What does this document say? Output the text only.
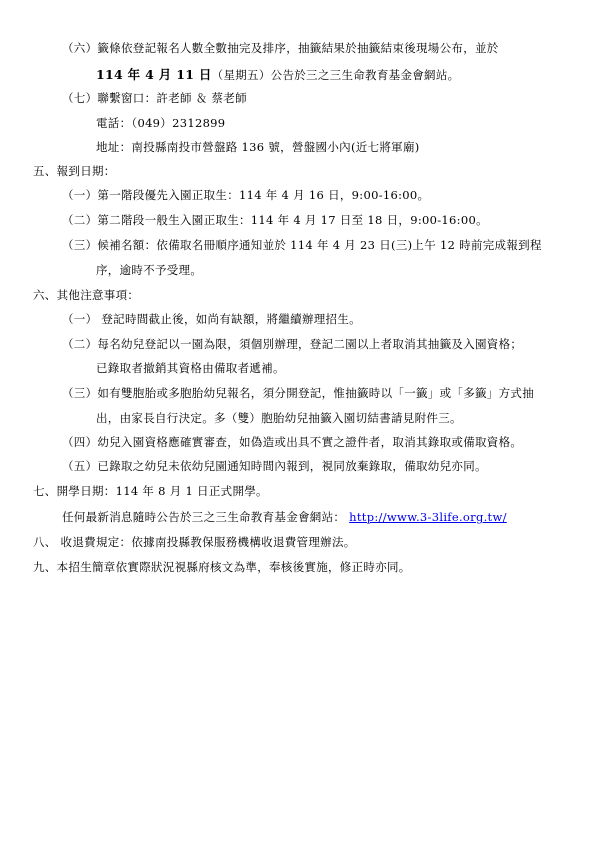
（六）籤條依登記報名人數全數抽完及排序，抽籤結果於抽籤結束後現場公布，並於
114 年 4 月 11 日（星期五）公告於三之三生命教育基金會網站。
（七）聯繫窗口：許老師 ＆ 蔡老師
電話：（049）2312899
地址：南投縣南投市營盤路 136 號，營盤國小內(近七將軍廟)
五、報到日期：
（一）第一階段優先入園正取生：114 年 4 月 16 日，9:00-16:00。
（二）第二階段一般生入園正取生：114 年 4 月 17 日至 18 日，9:00-16:00。
（三）候補名額：依備取名冊順序通知並於 114 年 4 月 23 日(三)上午 12 時前完成報到程
序，逾時不予受理。
六、其他注意事項：
（一） 登記時間截止後，如尚有缺額，將繼續辦理招生。
（二）每名幼兒登記以一園為限，須個別辦理，登記二園以上者取消其抽籤及入園資格；
已錄取者撤銷其資格由備取者遞補。
（三）如有雙胞胎或多胞胎幼兒報名，須分開登記，惟抽籤時以「一籤」或「多籤」方式抽
出，由家長自行決定。多（雙）胞胎幼兒抽籤入園切結書請見附件三。
（四）幼兒入園資格應確實審查，如偽造或出具不實之證件者，取消其錄取或備取資格。
（五）已錄取之幼兒未依幼兒園通知時間內報到，視同放棄錄取，備取幼兒亦同。
七、開學日期：114 年 8 月 1 日正式開學。
任何最新消息隨時公告於三之三生命教育基金會網站： http://www.3-3life.org.tw/
八、 收退費規定：依據南投縣教保服務機構收退費管理辦法。
九、本招生簡章依實際狀況視縣府核文為準，奉核後實施，修正時亦同。
